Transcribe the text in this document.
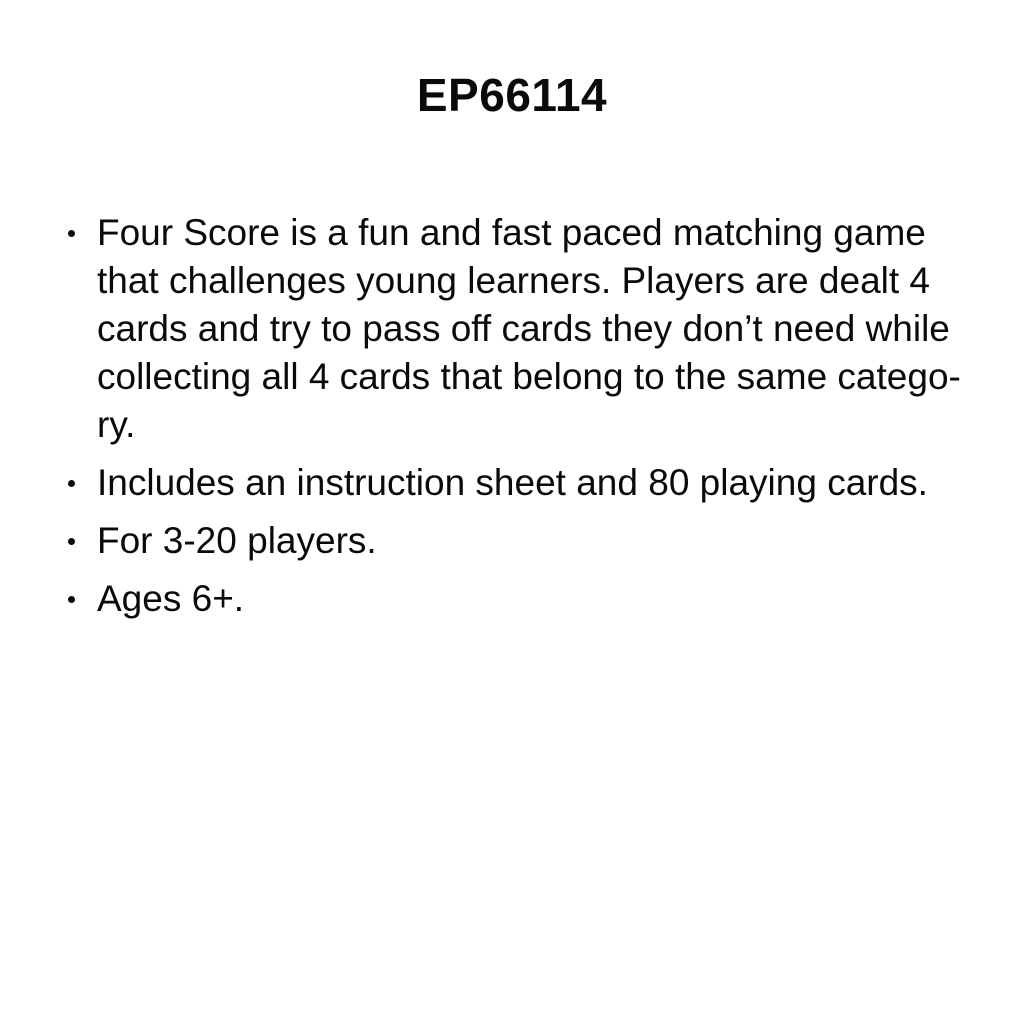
EP66114
Four Score is a fun and fast paced matching game
that challenges young learners. Players are dealt 4
cards and try to pass off cards they don’t need while
collecting all 4 cards that belong to the same catego-
ry.
Includes an instruction sheet and 80 playing cards.
For 3-20 players.
Ages 6+.
